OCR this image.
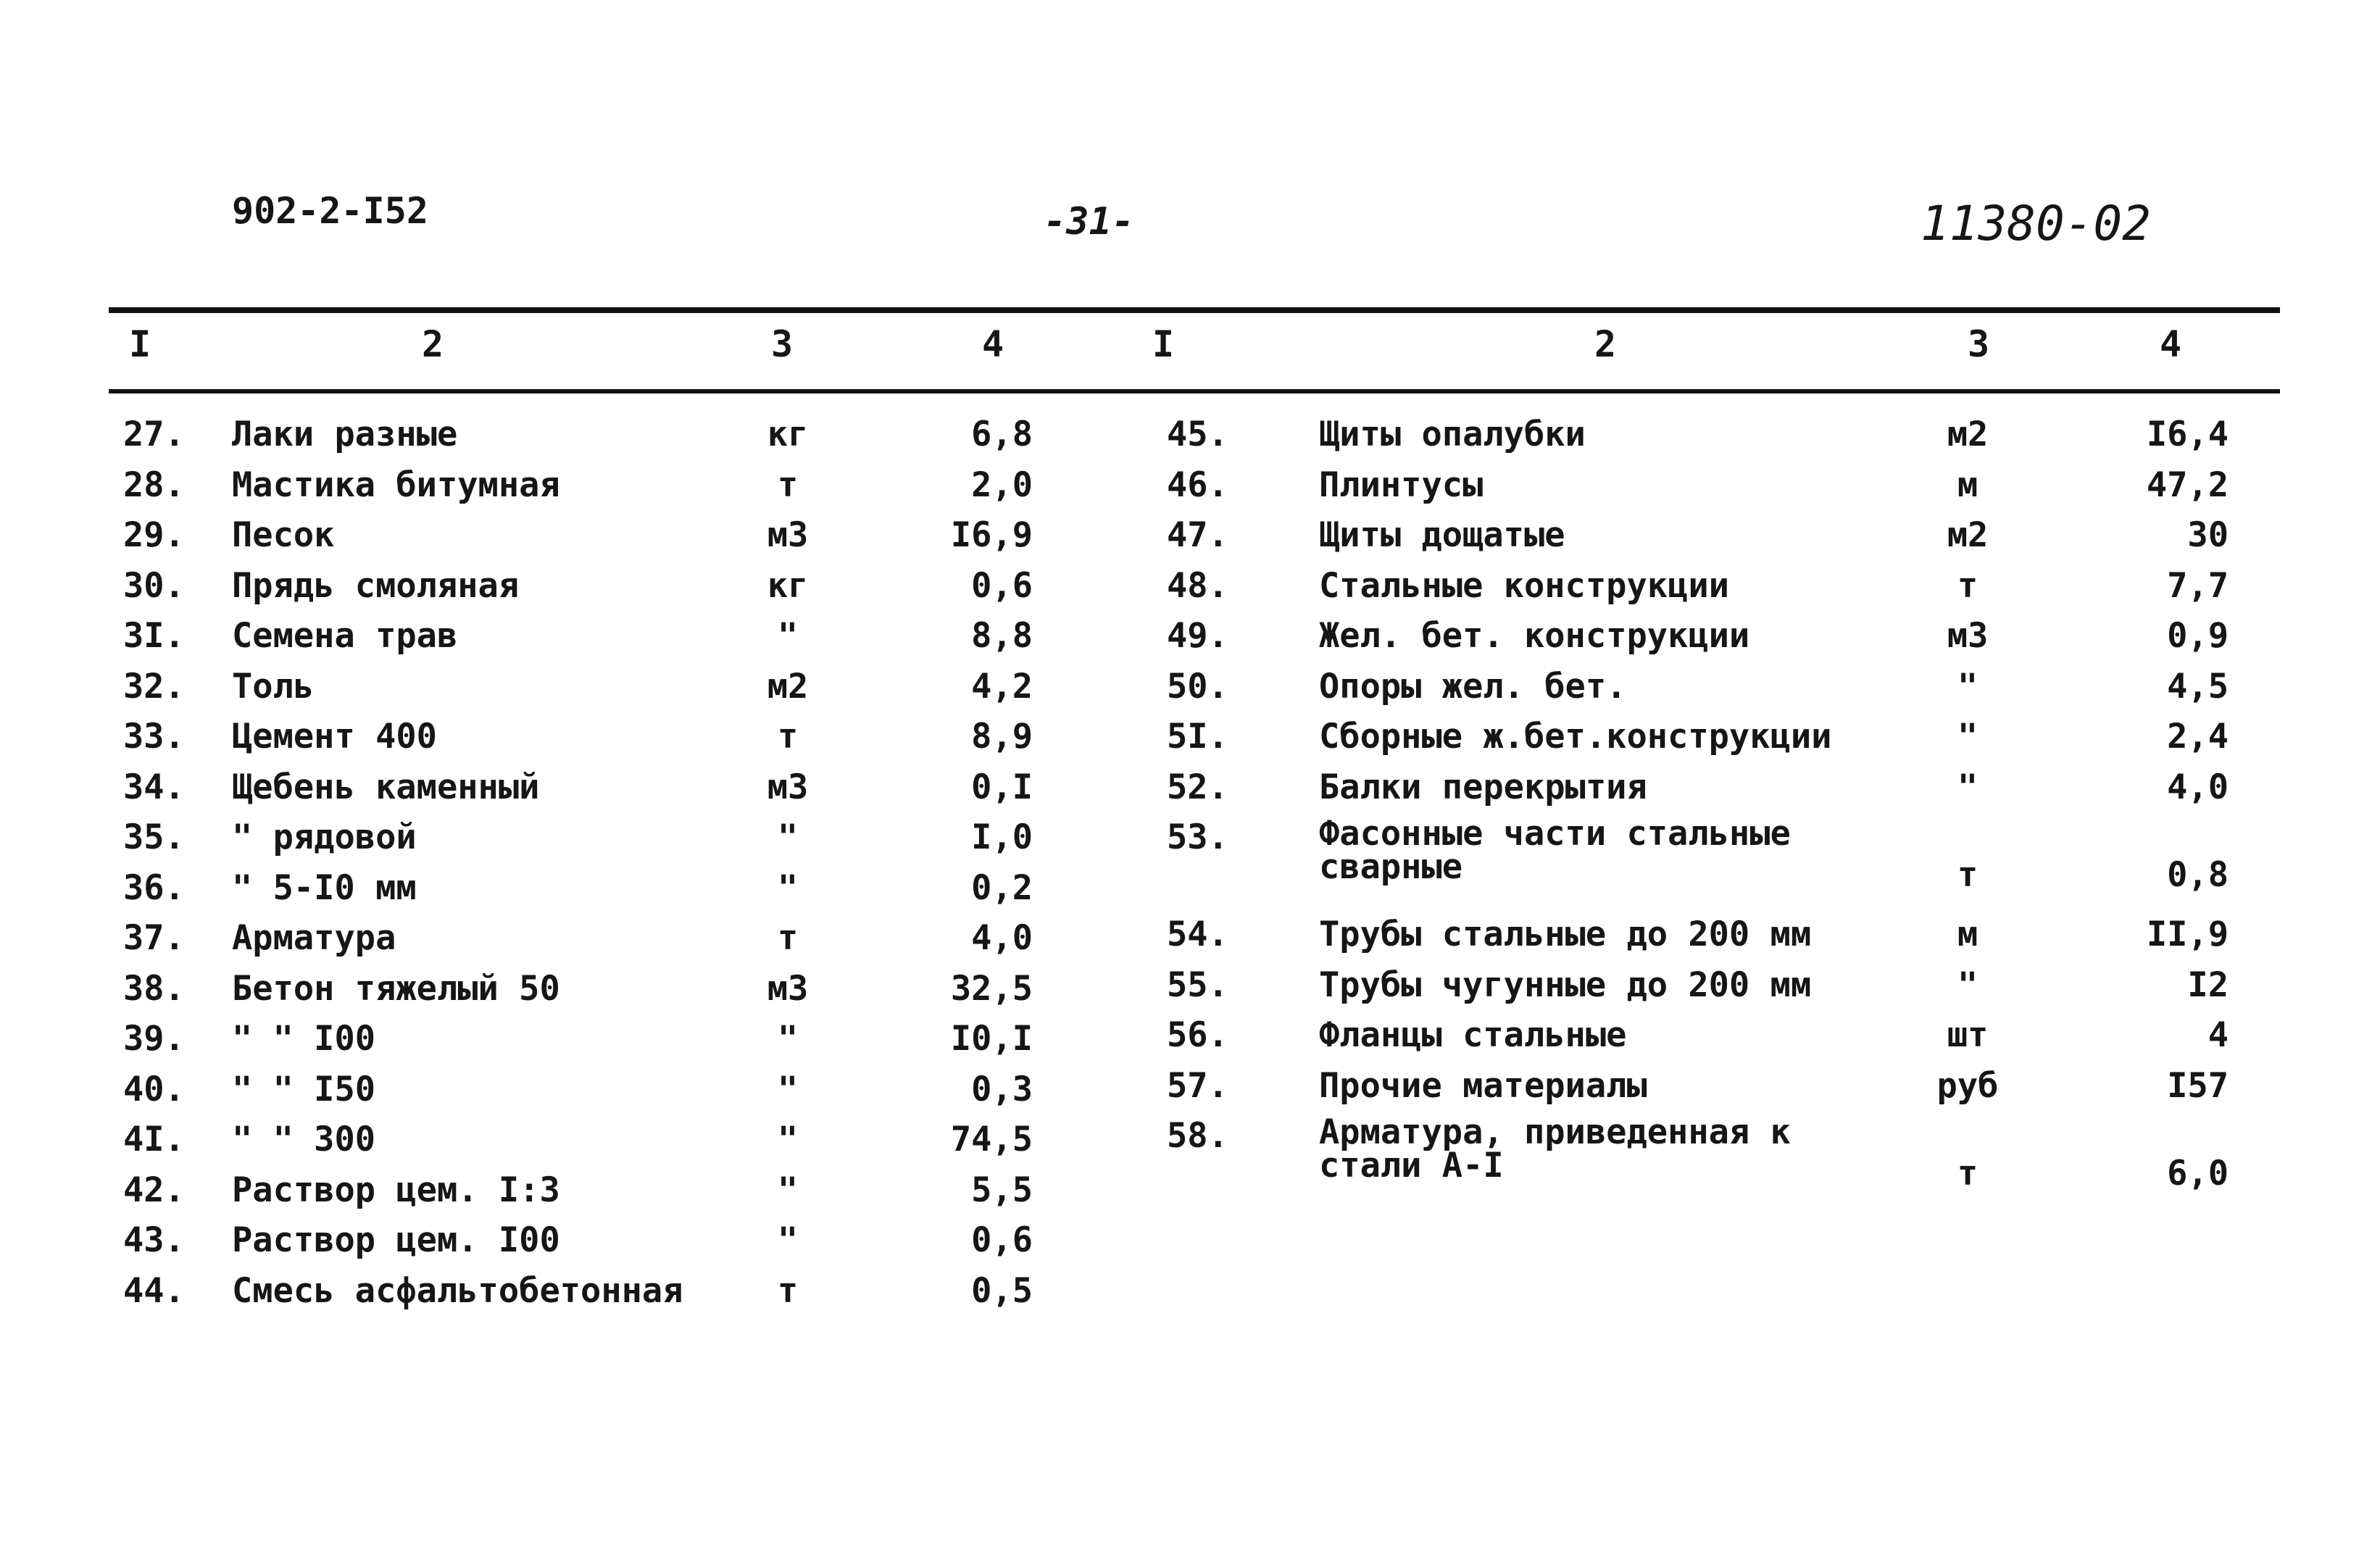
902-2-I52	-31-	11380-02
I	2	3	4	I	2	3	4
27. Лаки разные	кг	6,8
28. Мастика битумная	т	2,0
29. Песок	м3	I6,9
30. Прядь смоляная	кг	0,6
3I. Семена трав	"	8,8
32. Толь	м2	4,2
33. Цемент 400	т	8,9
34. Щебень каменный	м3	0,I
35. " рядовой	"	I,0
36. " 5-I0 мм	"	0,2
37. Арматура	т	4,0
38. Бетон тяжелый 50	м3	32,5
39. " " I00	"	I0,I
40. " " I50	"	0,3
4I. " " 300	"	74,5
42. Раствор цем. I:3	"	5,5
43. Раствор цем. I00	"	0,6
44. Смесь асфальтобетонная	т	0,5
45.	Щиты опалубки	м2	I6,4
46.	Плинтусы	м	47,2
47.	Щиты дощатые	м2	30
48.	Стальные конструкции	т	7,7
49.	Жел. бет. конструкции	м3	0,9
50.	Опоры жел. бет.	"	4,5
5I.	Сборные ж.бет.конструкции	"	2,4
52.	Балки перекрытия	"	4,0
53.	Фасонные части стальные
сварные	т	0,8
54.	Трубы стальные до 200 мм	м	II,9
55.	Трубы чугунные до 200 мм	"	I2
56.	Фланцы стальные	шт	4
57.	Прочие материалы	руб	I57
58.	Арматура, приведенная к
стали А-I	т	6,0
